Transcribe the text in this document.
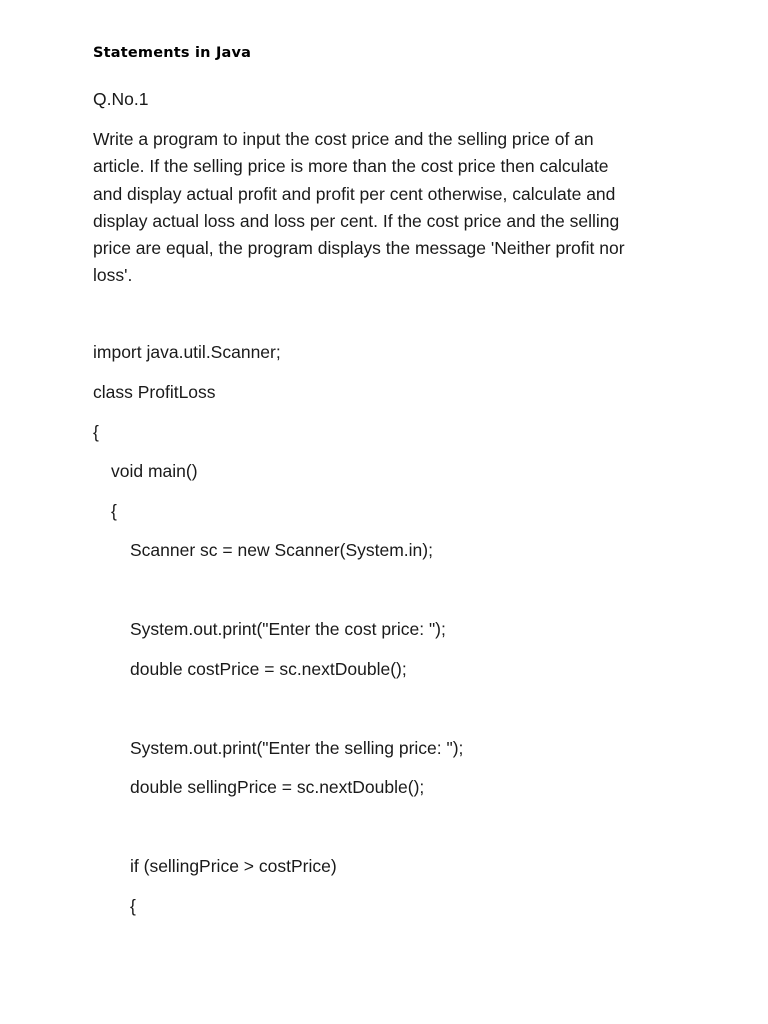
Statements in Java
Q.No.1
Write a program to input the cost price and the selling price of an
article. If the selling price is more than the cost price then calculate
and display actual profit and profit per cent otherwise, calculate and
display actual loss and loss per cent. If the cost price and the selling
price are equal, the program displays the message 'Neither profit nor
loss'.
import java.util.Scanner;
class ProfitLoss
{
void main()
{
Scanner sc = new Scanner(System.in);
System.out.print("Enter the cost price: ");
double costPrice = sc.nextDouble();
System.out.print("Enter the selling price: ");
double sellingPrice = sc.nextDouble();
if (sellingPrice > costPrice)
{
